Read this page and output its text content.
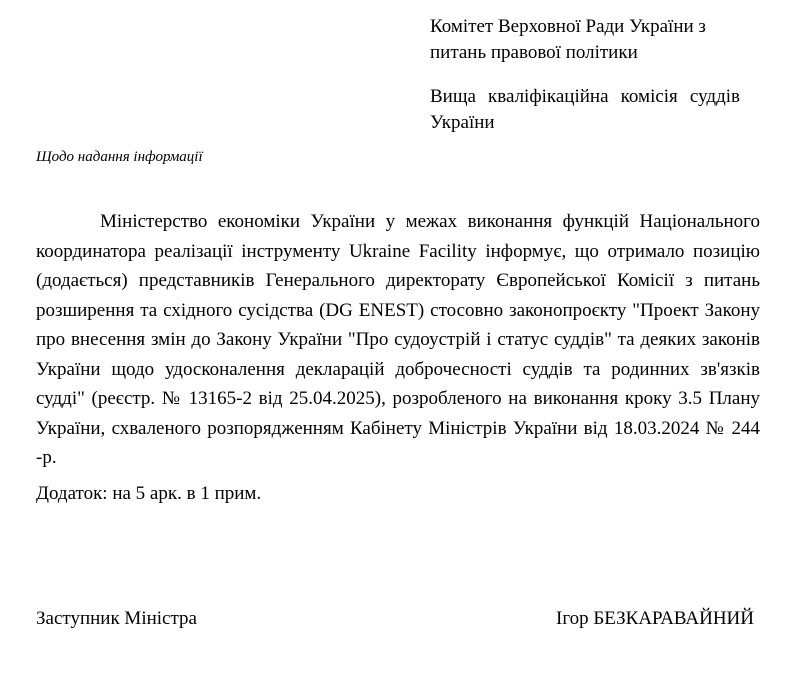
Комітет Верховної Ради України з питань правової політики

Вища кваліфікаційна комісія суддів України

Щодо надання інформації

Міністерство економіки України у межах виконання функцій Національного координатора реалізації інструменту Ukraine Facility інформує, що отримало позицію (додається) представників Генерального директорату Європейської Комісії з питань розширення та східного сусідства (DG ENEST) стосовно законопроєкту "Проект Закону про внесення змін до Закону України "Про судоустрій і статус суддів" та деяких законів України щодо удосконалення декларацій доброчесності суддів та родинних зв'язків судді" (реєстр. № 13165-2 від 25.04.2025), розробленого на виконання кроку 3.5 Плану України, схваленого розпорядженням Кабінету Міністрів України від 18.03.2024 № 244 -р.

Додаток: на 5 арк. в 1 прим.
Заступник Міністра	Ігор БЕЗКАРАВАЙНИЙ
